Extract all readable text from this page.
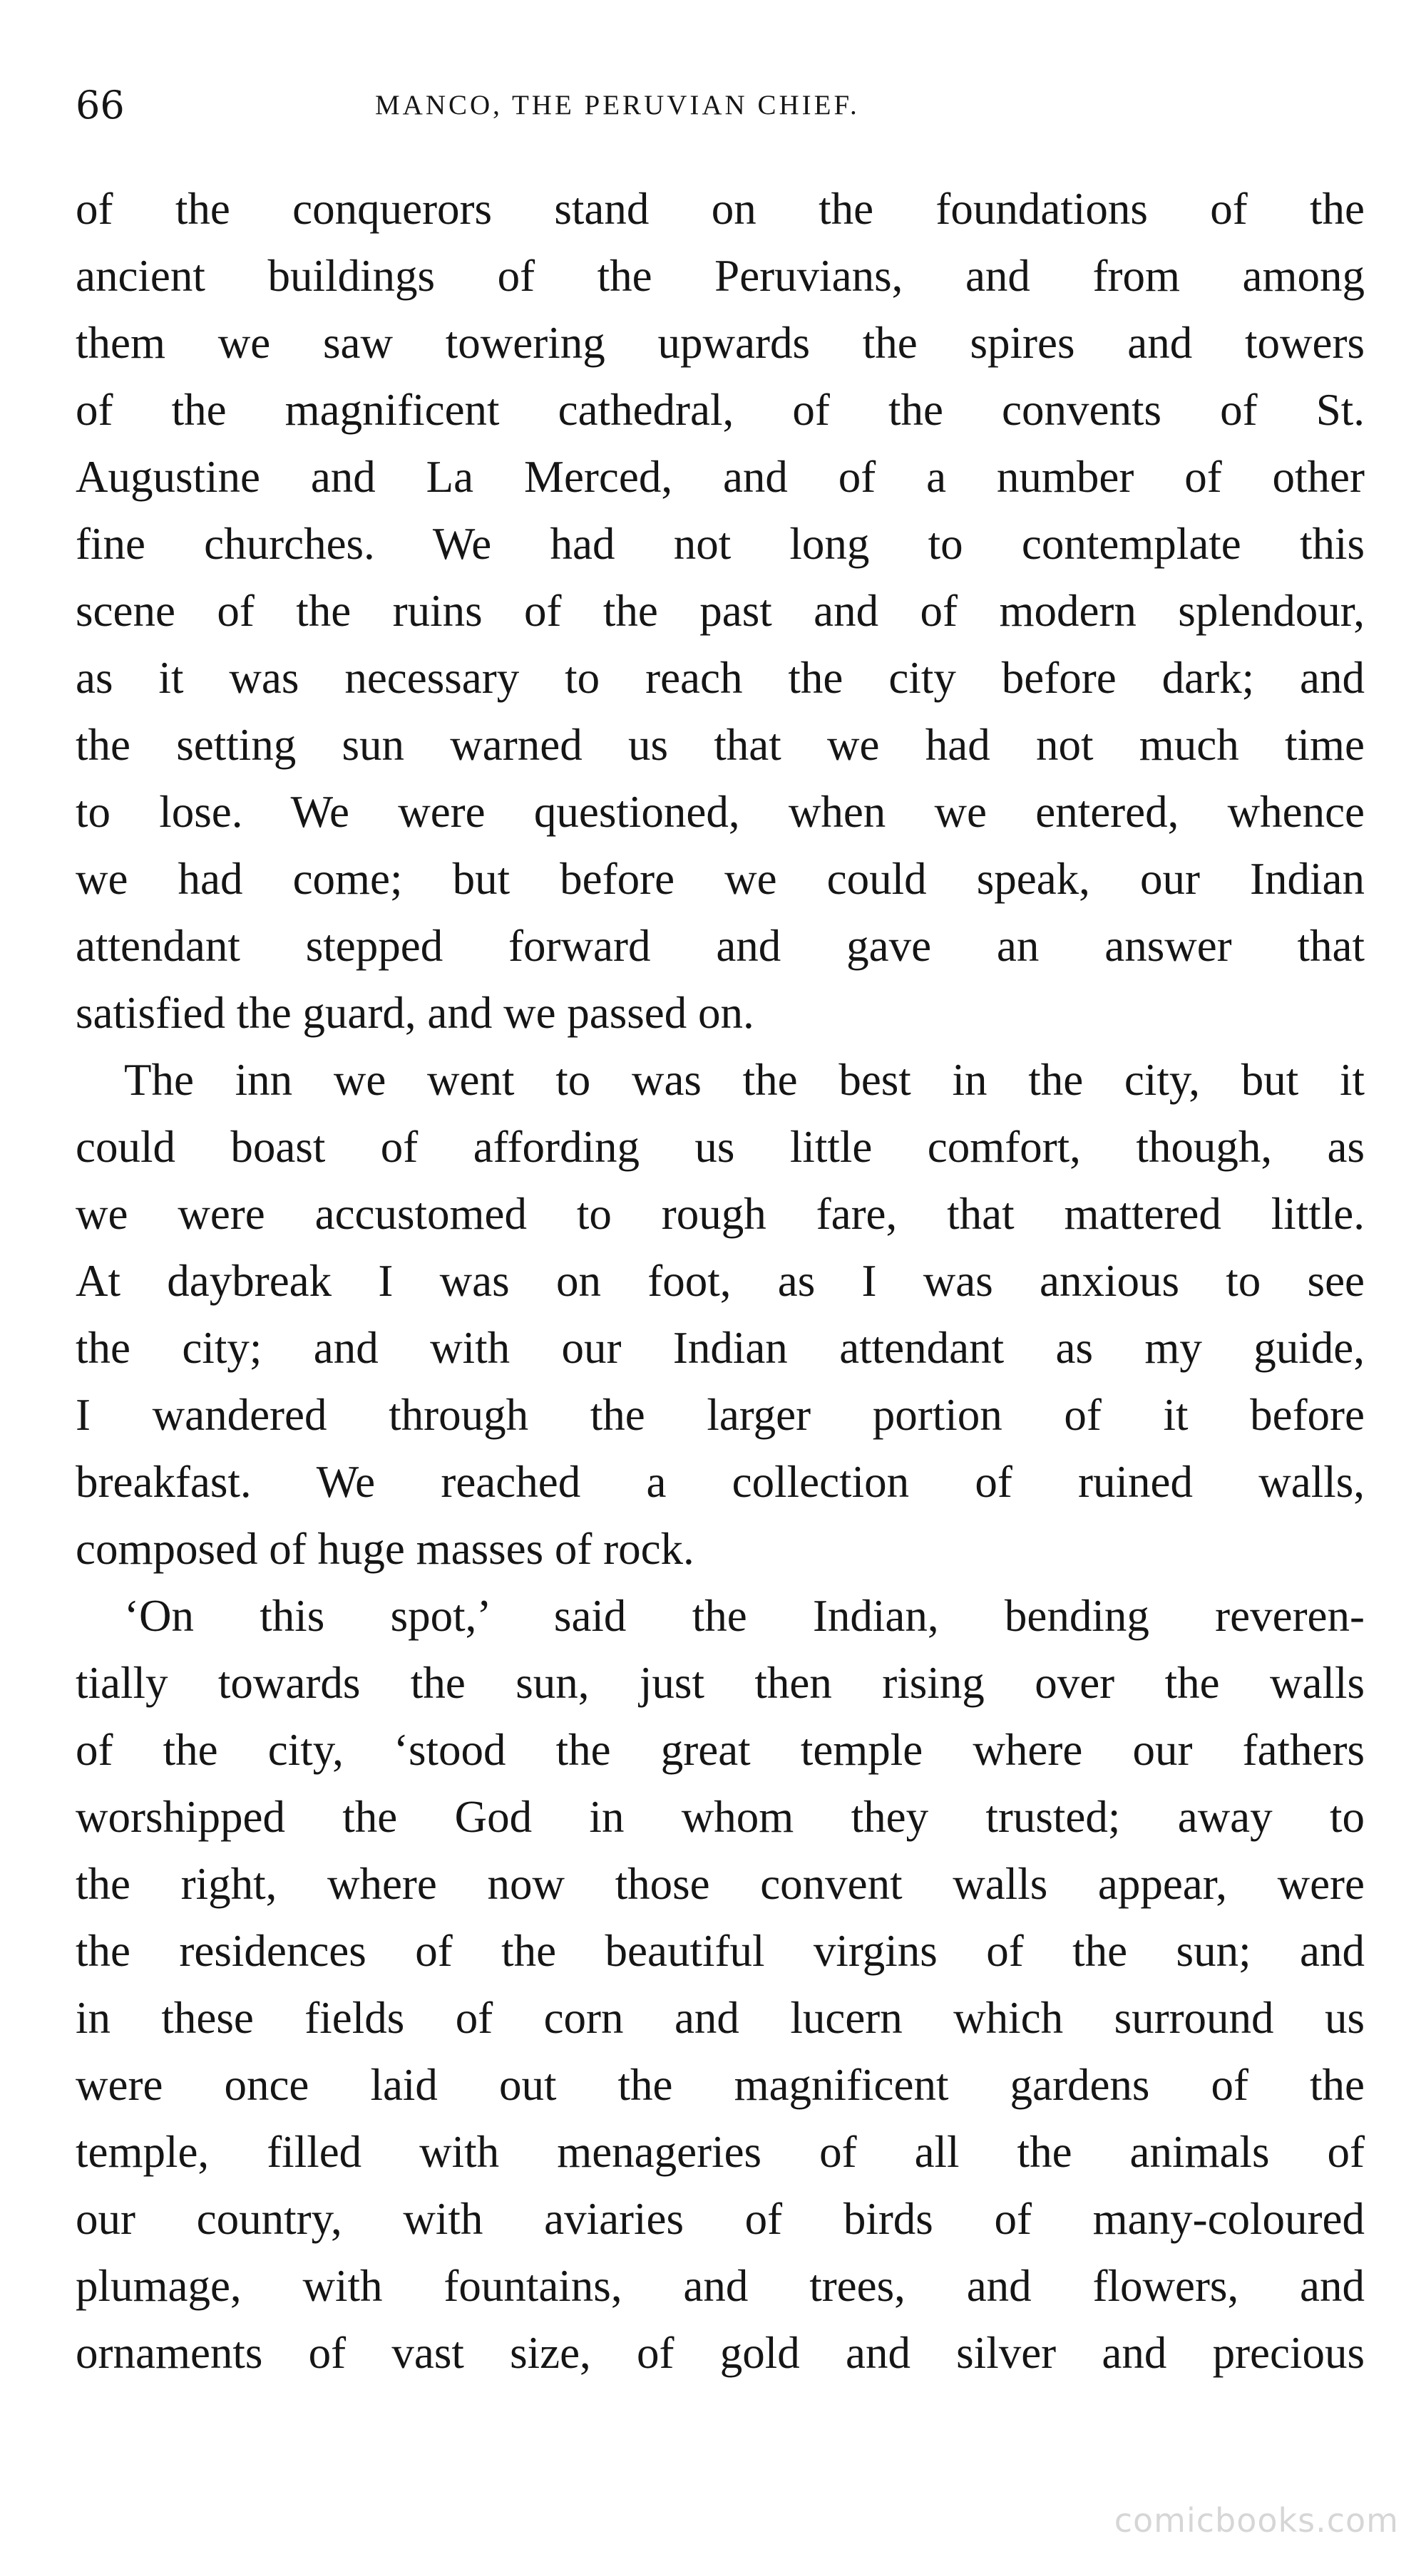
66	MANCO, THE PERUVIAN CHIEF.
of the conquerors stand on the foundations of the
ancient buildings of the Peruvians, and from among
them we saw towering upwards the spires and towers
of the magnificent cathedral, of the convents of St.
Augustine and La Merced, and of a number of other
fine churches. We had not long to contemplate this
scene of the ruins of the past and of modern splendour,
as it was necessary to reach the city before dark; and
the setting sun warned us that we had not much time
to lose. We were questioned, when we entered, whence
we had come; but before we could speak, our Indian
attendant stepped forward and gave an answer that
satisfied the guard, and we passed on.
The inn we went to was the best in the city, but it
could boast of affording us little comfort, though, as
we were accustomed to rough fare, that mattered little.
At daybreak I was on foot, as I was anxious to see
the city; and with our Indian attendant as my guide,
I wandered through the larger portion of it before
breakfast. We reached a collection of ruined walls,
composed of huge masses of rock.
‘On this spot,’ said the Indian, bending reveren-
tially towards the sun, just then rising over the walls
of the city, ‘stood the great temple where our fathers
worshipped the God in whom they trusted; away to
the right, where now those convent walls appear, were
the residences of the beautiful virgins of the sun; and
in these fields of corn and lucern which surround us
were once laid out the magnificent gardens of the
temple, filled with menageries of all the animals of
our country, with aviaries of birds of many-coloured
plumage, with fountains, and trees, and flowers, and
ornaments of vast size, of gold and silver and precious
comicbooks.com
